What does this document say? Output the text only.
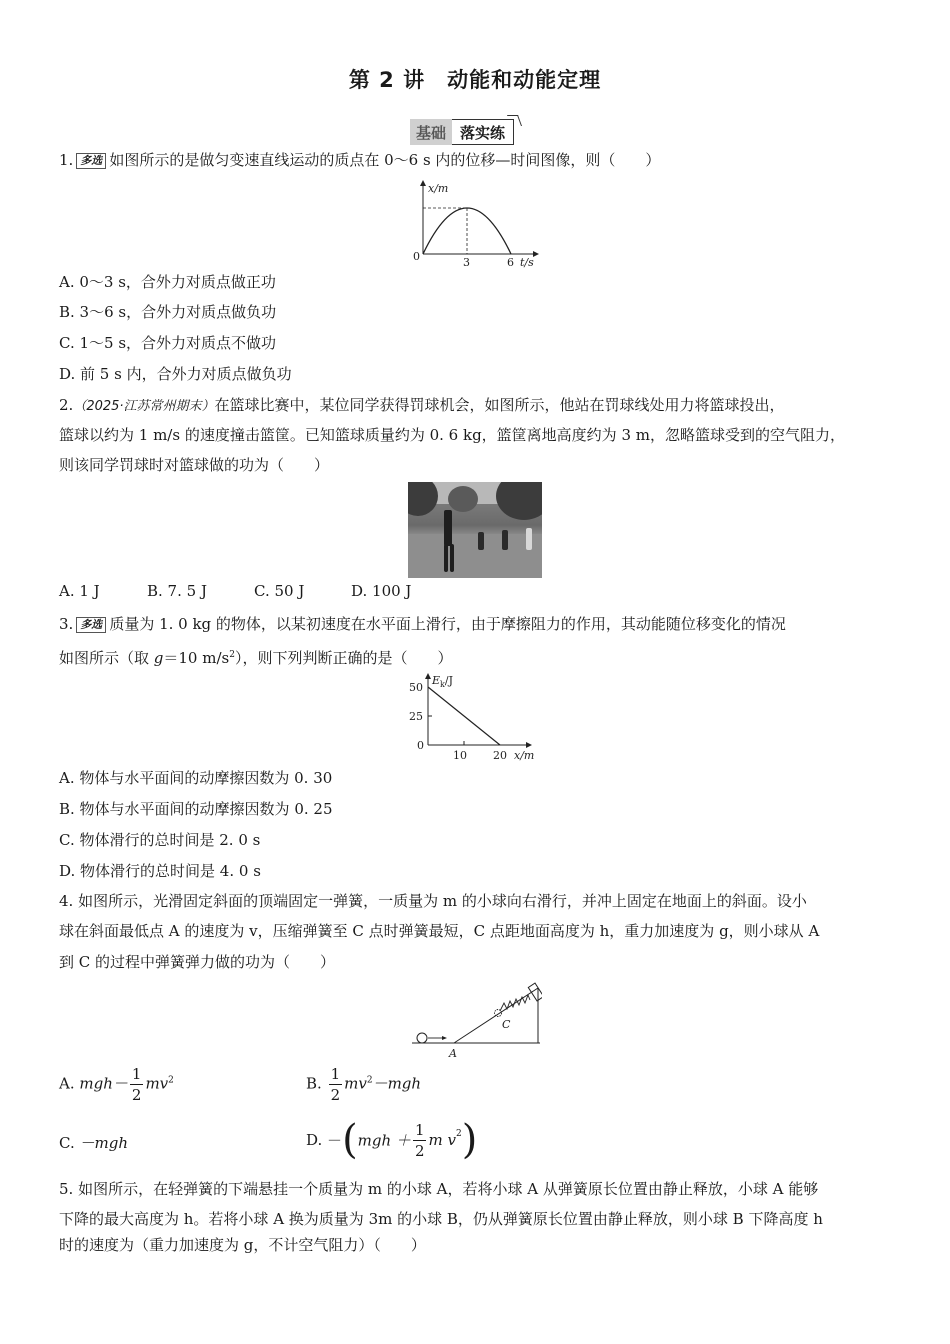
第 2 讲　动能和动能定理
基础 落实练
1. 多选 如图所示的是做匀变速直线运动的质点在 0～6 s 内的位移—时间图像，则（　　）
x/m
0	3	6 t/s
A. 0～3 s，合外力对质点做正功
B. 3～6 s，合外力对质点做负功
C. 1～5 s，合外力对质点不做功
D. 前 5 s 内，合外力对质点做负功
2.（2025·江苏常州期末）在篮球比赛中，某位同学获得罚球机会，如图所示，他站在罚球线处用力将篮球投出，
篮球以约为 1 m/s 的速度撞击篮筐。已知篮球质量约为 0. 6 kg，篮筐离地高度约为 3 m，忽略篮球受到的空气阻力，
则该同学罚球时对篮球做的功为（　　）
A. 1 J	B. 7. 5 J	C. 50 J	D. 100 J
3. 多选 质量为 1. 0 kg 的物体，以某初速度在水平面上滑行，由于摩擦阻力的作用，其动能随位移变化的情况
如图所示（取 g＝10 $m/s^2$），则下列判断正确的是（　　）
$E_k/J$
50
25
0
10 20 x/m
A. 物体与水平面间的动摩擦因数为 0. 30
B. 物体与水平面间的动摩擦因数为 0. 25
C. 物体滑行的总时间是 2. 0 s
D. 物体滑行的总时间是 4. 0 s
4. 如图所示，光滑固定斜面的顶端固定一弹簧，一质量为 m 的小球向右滑行，并冲上固定在地面上的斜面。设小
球在斜面最低点 A 的速度为 v，压缩弹簧至 C 点时弹簧最短，C 点距地面高度为 h，重力加速度为 g，则小球从 A
到 C 的过程中弹簧弹力做的功为（　　）
A
C
A. $mgh- \frac{1}{2} mv^2$	B. $\frac{1}{2} mv^2-mgh$
C. －mgh	D. $-(mgh + \frac{1}{2}$ m $v^2$)
5. 如图所示，在轻弹簧的下端悬挂一个质量为 m 的小球 A，若将小球 A 从弹簧原长位置由静止释放，小球 A 能够
下降的最大高度为 h。若将小球 A 换为质量为 3m 的小球 B，仍从弹簧原长位置由静止释放，则小球 B 下降高度 h
时的速度为（重力加速度为 g，不计空气阻力）（　　）
